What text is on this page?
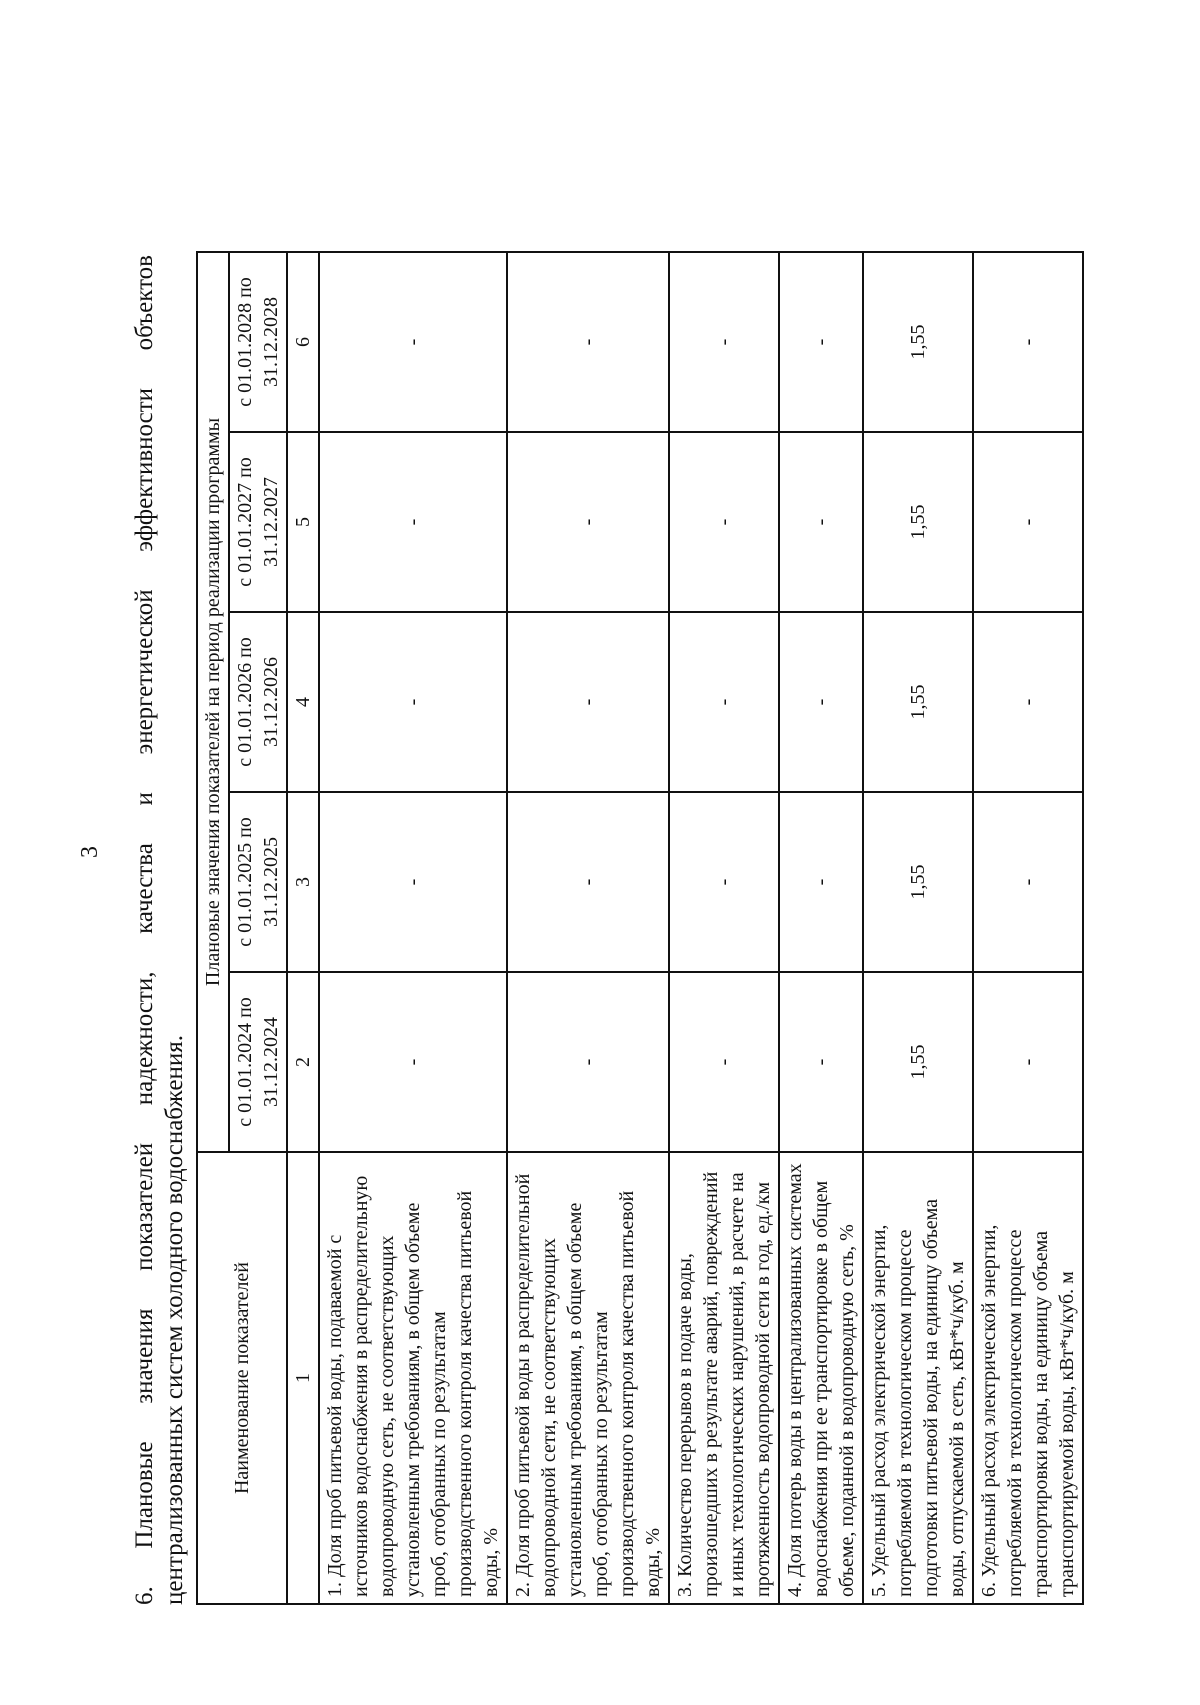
3 6. Плановые значения показателей надежности, качества и энергетической эффективности объектов централизованных систем холодного водоснабжения. Наименование показателей	Плановые значения показателей на период реализации программы				
	с 01.01.2024 по 31.12.2024	с 01.01.2025 по 31.12.2025	с 01.01.2026 по 31.12.2026	с 01.01.2027 по 31.12.2027	с 01.01.2028 по 31.12.2028
1	2	3	4	5	6
1. Доля проб питьевой воды, подаваемой с источников водоснабжения в распределительную водопроводную сеть, не соответствующих установленным требованиям, в общем объеме проб, отобранных по результатам производственного контроля качества питьевой воды, %	-	-	-	-	-
2. Доля проб питьевой воды в распределительной водопроводной сети, не соответствующих установленным требованиям, в общем объеме проб, отобранных по результатам производственного контроля качества питьевой воды, %	-	-	-	-	-
3. Количество перерывов в подаче воды, произошедших в результате аварий, повреждений и иных технологических нарушений, в расчете на протяженность водопроводной сети в год, ед./км	-	-	-	-	-
4. Доля потерь воды в централизованных системах водоснабжения при ее транспортировке в общем объеме, поданной в водопроводную сеть, %	-	-	-	-	-
5. Удельный расход электрической энергии, потребляемой в технологическом процессе подготовки питьевой воды, на единицу объема воды, отпускаемой в сеть, кВт*ч/куб. м	1,55	1,55	1,55	1,55	1,55
6. Удельный расход электрической энергии, потребляемой в технологическом процессе транспортировки воды, на единицу объема транспортируемой воды, кВт*ч/куб. м	-	-	-	-	-
